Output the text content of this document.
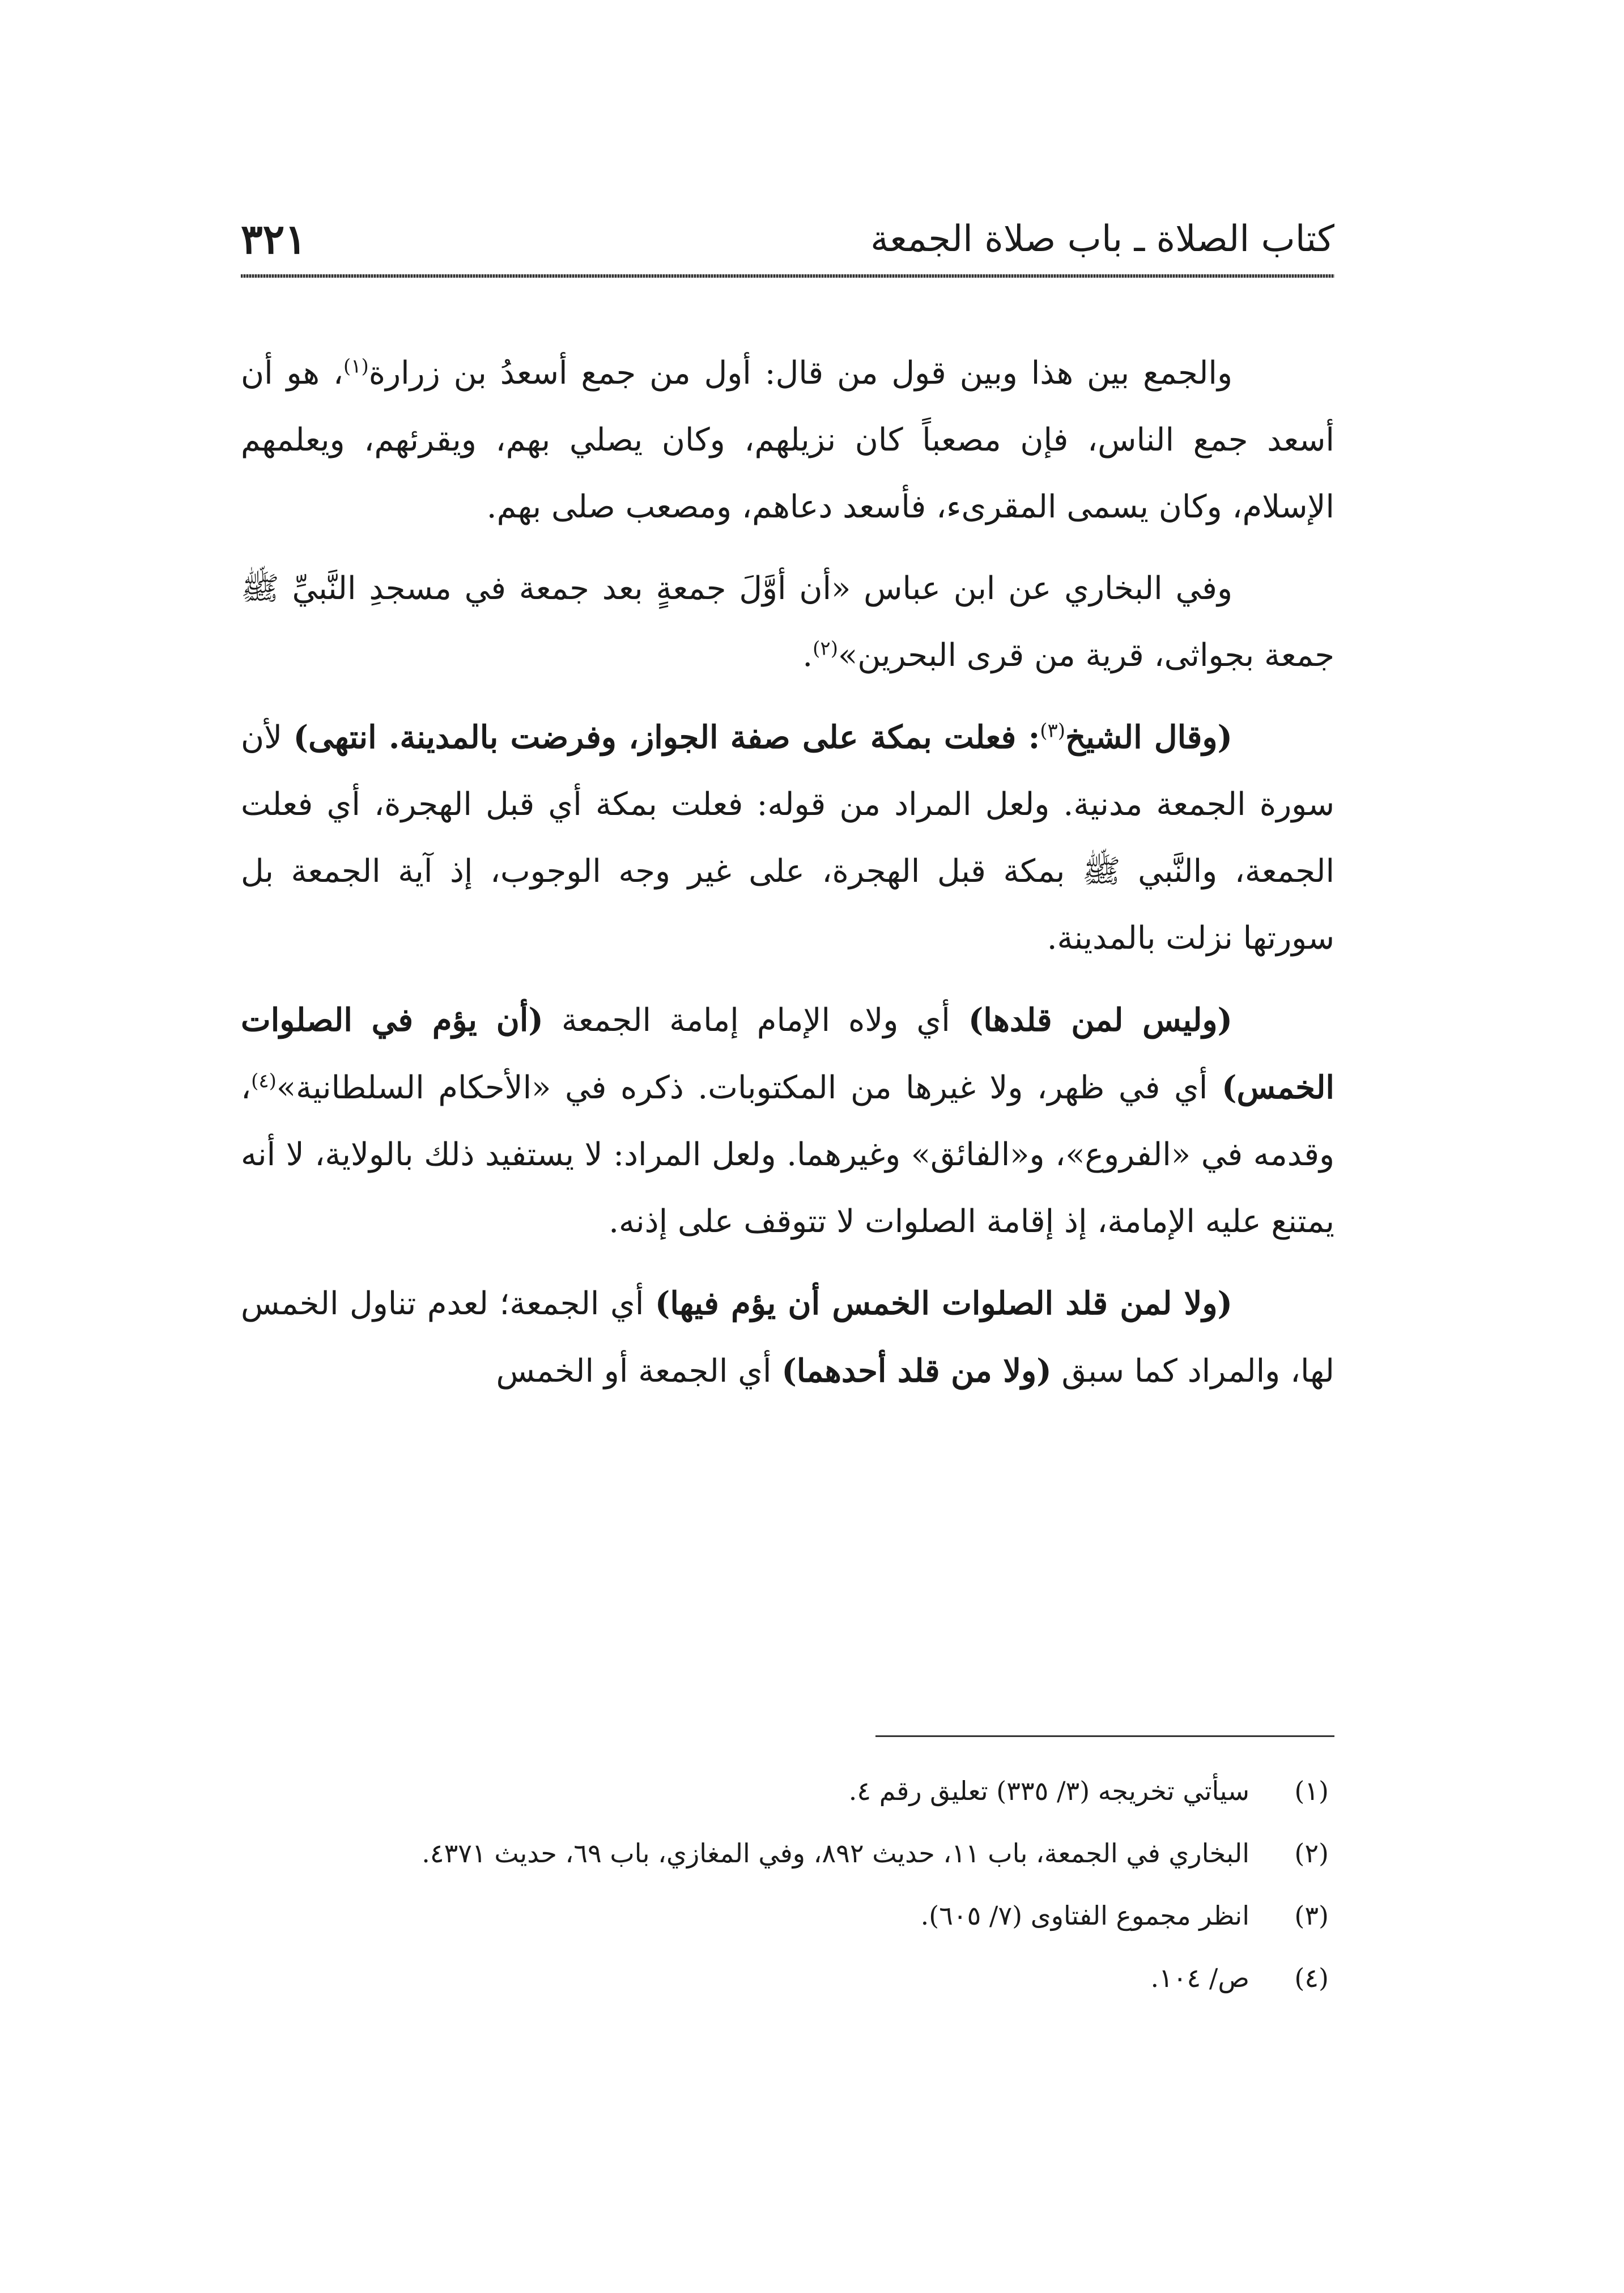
٣٢١	كتاب الصلاة ـ باب صلاة الجمعة

والجمع بين هذا وبين قول من قال: أول من جمع أسعدُ بن زرارة$^{(١)}$، هو أن أسعد جمع الناس، فإن مصعباً كان نزيلهم، وكان يصلي بهم، ويقرئهم، ويعلمهم الإسلام، وكان يسمى المقرىء، فأسعد دعاهم، ومصعب صلى بهم.

وفي البخاري عن ابن عباس «أن أوَّلَ جمعةٍ بعد جمعة في مسجدِ النَّبيِّ ﷺ جمعة بجواثى، قرية من قرى البحرين»$^{(٢)}$.

(وقال الشيخ$^{(٣)}$: فعلت بمكة على صفة الجواز، وفرضت بالمدينة. انتهى) لأن سورة الجمعة مدنية. ولعل المراد من قوله: فعلت بمكة أي قبل الهجرة، أي فعلت الجمعة، والنَّبي ﷺ بمكة قبل الهجرة، على غير وجه الوجوب، إذ آية الجمعة بل سورتها نزلت بالمدينة.

(وليس لمن قلدها) أي ولاه الإمام إمامة الجمعة (أن يؤم في الصلوات الخمس) أي في ظهر، ولا غيرها من المكتوبات. ذكره في «الأحكام السلطانية»$^{(٤)}$، وقدمه في «الفروع»، و«الفائق» وغيرهما. ولعل المراد: لا يستفيد ذلك بالولاية، لا أنه يمتنع عليه الإمامة، إذ إقامة الصلوات لا تتوقف على إذنه.

(ولا لمن قلد الصلوات الخمس أن يؤم فيها) أي الجمعة؛ لعدم تناول الخمس لها، والمراد كما سبق (ولا من قلد أحدهما) أي الجمعة أو الخمس

(١)
سيأتي تخريجه (٣/ ٣٣٥) تعليق رقم ٤.
(٢)
البخاري في الجمعة، باب ١١، حديث ٨٩٢، وفي المغازي، باب ٦٩، حديث ٤٣٧١.
(٣)
انظر مجموع الفتاوى (٧/ ٦٠٥).
(٤)
ص/ ١٠٤.
